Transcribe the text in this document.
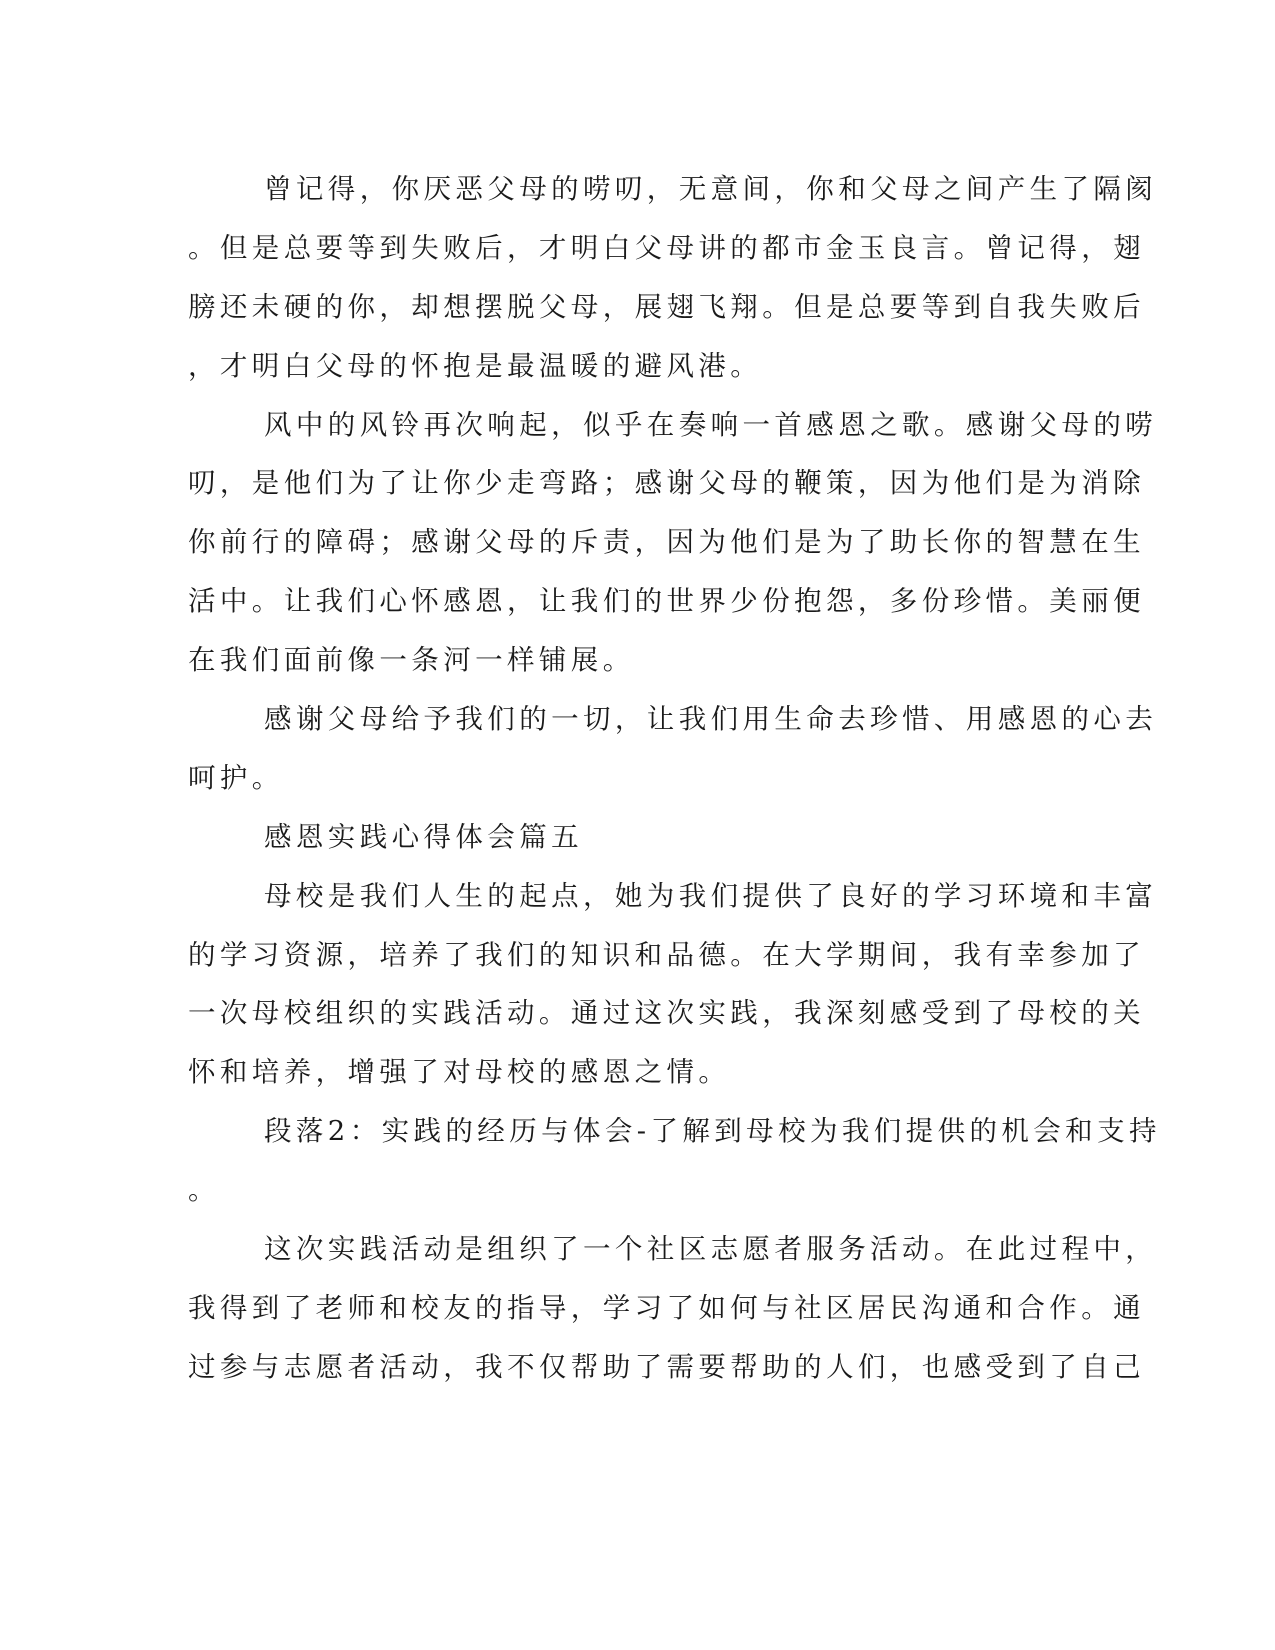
曾记得，你厌恶父母的唠叨，无意间，你和父母之间产生了隔阂
。但是总要等到失败后，才明白父母讲的都市金玉良言。曾记得，翅
膀还未硬的你，却想摆脱父母，展翅飞翔。但是总要等到自我失败后
，才明白父母的怀抱是最温暖的避风港。
风中的风铃再次响起，似乎在奏响一首感恩之歌。感谢父母的唠
叨，是他们为了让你少走弯路；感谢父母的鞭策，因为他们是为消除
你前行的障碍；感谢父母的斥责，因为他们是为了助长你的智慧在生
活中。让我们心怀感恩，让我们的世界少份抱怨，多份珍惜。美丽便
在我们面前像一条河一样铺展。
感谢父母给予我们的一切，让我们用生命去珍惜、用感恩的心去
呵护。
感恩实践心得体会篇五
母校是我们人生的起点，她为我们提供了良好的学习环境和丰富
的学习资源，培养了我们的知识和品德。在大学期间，我有幸参加了
一次母校组织的实践活动。通过这次实践，我深刻感受到了母校的关
怀和培养，增强了对母校的感恩之情。
段落2：实践的经历与体会-了解到母校为我们提供的机会和支持
。
这次实践活动是组织了一个社区志愿者服务活动。在此过程中，
我得到了老师和校友的指导，学习了如何与社区居民沟通和合作。通
过参与志愿者活动，我不仅帮助了需要帮助的人们，也感受到了自己
